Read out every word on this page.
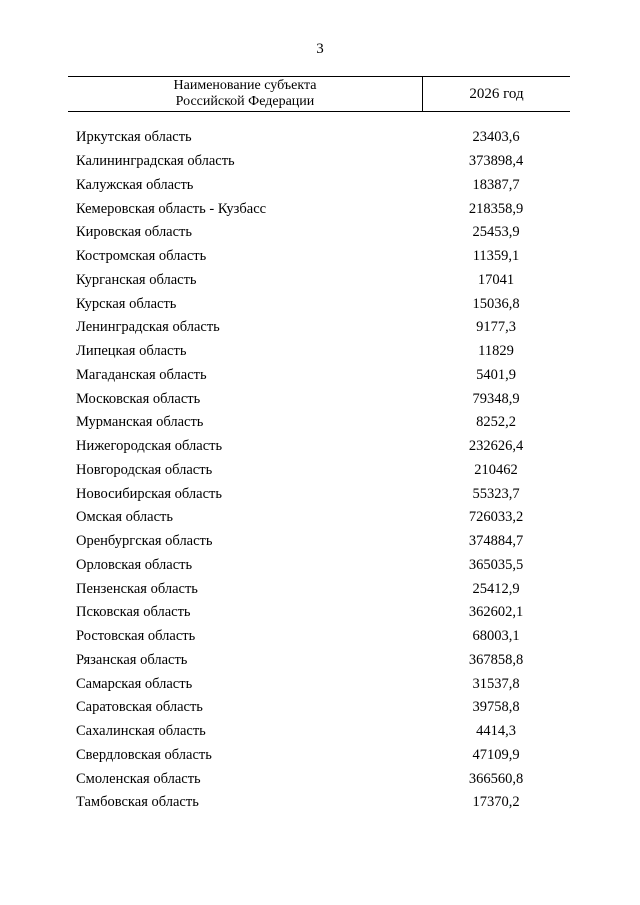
3
Наименование субъекта
Российской Федерации	2026 год
Иркутская область	23403,6
Калининградская область	373898,4
Калужская область	18387,7
Кемеровская область - Кузбасс	218358,9
Кировская область	25453,9
Костромская область	11359,1
Курганская область	17041
Курская область	15036,8
Ленинградская область	9177,3
Липецкая область	11829
Магаданская область	5401,9
Московская область	79348,9
Мурманская область	8252,2
Нижегородская область	232626,4
Новгородская область	210462
Новосибирская область	55323,7
Омская область	726033,2
Оренбургская область	374884,7
Орловская область	365035,5
Пензенская область	25412,9
Псковская область	362602,1
Ростовская область	68003,1
Рязанская область	367858,8
Самарская область	31537,8
Саратовская область	39758,8
Сахалинская область	4414,3
Свердловская область	47109,9
Смоленская область	366560,8
Тамбовская область	17370,2
